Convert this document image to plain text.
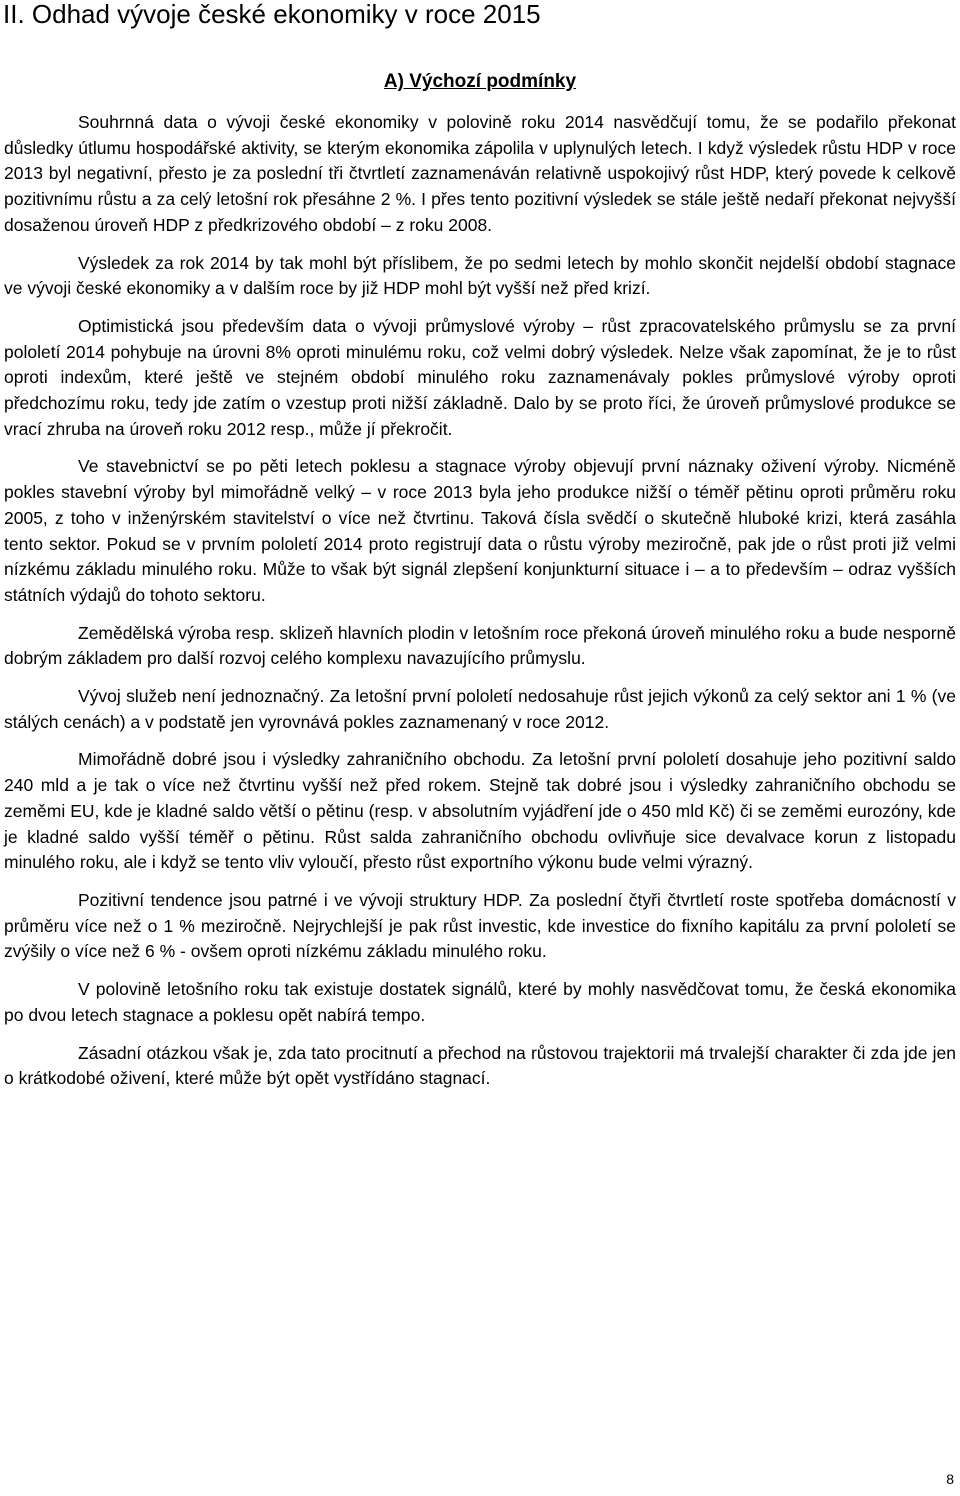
II. Odhad vývoje české ekonomiky v roce 2015
A) Výchozí podmínky

Souhrnná data o vývoji české ekonomiky v polovině roku 2014 nasvědčují tomu, že se podařilo překonat důsledky útlumu hospodářské aktivity, se kterým ekonomika zápolila v uplynulých letech. I když výsledek růstu HDP v roce 2013 byl negativní, přesto je za poslední tři čtvrtletí zaznamenáván relativně uspokojivý růst HDP, který povede k celkově pozitivnímu růstu a za celý letošní rok přesáhne 2 %. I přes tento pozitivní výsledek se stále ještě nedaří překonat nejvyšší dosaženou úroveň HDP z předkrizového období – z roku 2008.

Výsledek za rok 2014 by tak mohl být příslibem, že po sedmi letech by mohlo skončit nejdelší období stagnace ve vývoji české ekonomiky a v dalším roce by již HDP mohl být vyšší než před krizí.

Optimistická jsou především data o vývoji průmyslové výroby – růst zpracovatelského průmyslu se za první pololetí 2014 pohybuje na úrovni 8% oproti minulému roku, což velmi dobrý výsledek. Nelze však zapomínat, že je to růst oproti indexům, které ještě ve stejném období minulého roku zaznamenávaly pokles průmyslové výroby oproti předchozímu roku, tedy jde zatím o vzestup proti nižší základně. Dalo by se proto říci, že úroveň průmyslové produkce se vrací zhruba na úroveň roku 2012 resp., může jí překročit.

Ve stavebnictví se po pěti letech poklesu a stagnace výroby objevují první náznaky oživení výroby. Nicméně pokles stavební výroby byl mimořádně velký – v roce 2013 byla jeho produkce nižší o téměř pětinu oproti průměru roku 2005, z toho v inženýrském stavitelství o více než čtvrtinu. Taková čísla svědčí o skutečně hluboké krizi, která zasáhla tento sektor. Pokud se v prvním pololetí 2014 proto registrují data o růstu výroby meziročně, pak jde o růst proti již velmi nízkému základu minulého roku. Může to však být signál zlepšení konjunkturní situace i – a to především – odraz vyšších státních výdajů do tohoto sektoru.

Zemědělská výroba resp. sklizeň hlavních plodin v letošním roce překoná úroveň minulého roku a bude nesporně dobrým základem pro další rozvoj celého komplexu navazujícího průmyslu.

Vývoj služeb není jednoznačný. Za letošní první pololetí nedosahuje růst jejich výkonů za celý sektor ani 1 % (ve stálých cenách) a v podstatě jen vyrovnává pokles zaznamenaný v roce 2012.

Mimořádně dobré jsou i výsledky zahraničního obchodu. Za letošní první pololetí dosahuje jeho pozitivní saldo 240 mld a je tak o více než čtvrtinu vyšší než před rokem. Stejně tak dobré jsou i výsledky zahraničního obchodu se zeměmi EU, kde je kladné saldo větší o pětinu (resp. v absolutním vyjádření jde o 450 mld Kč) či se zeměmi eurozóny, kde je kladné saldo vyšší téměř o pětinu. Růst salda zahraničního obchodu ovlivňuje sice devalvace korun z listopadu minulého roku, ale i když se tento vliv vyloučí, přesto růst exportního výkonu bude velmi výrazný.

Pozitivní tendence jsou patrné i ve vývoji struktury HDP. Za poslední čtyři čtvrtletí roste spotřeba domácností v průměru více než o 1 % meziročně. Nejrychlejší je pak růst investic, kde investice do fixního kapitálu za první pololetí se zvýšily o více než 6 % - ovšem oproti nízkému základu minulého roku.

V polovině letošního roku tak existuje dostatek signálů, které by mohly nasvědčovat tomu, že česká ekonomika po dvou letech stagnace a poklesu opět nabírá tempo.

Zásadní otázkou však je, zda tato procitnutí a přechod na růstovou trajektorii má trvalejší charakter či zda jde jen o krátkodobé oživení, které může být opět vystřídáno stagnací.

8
